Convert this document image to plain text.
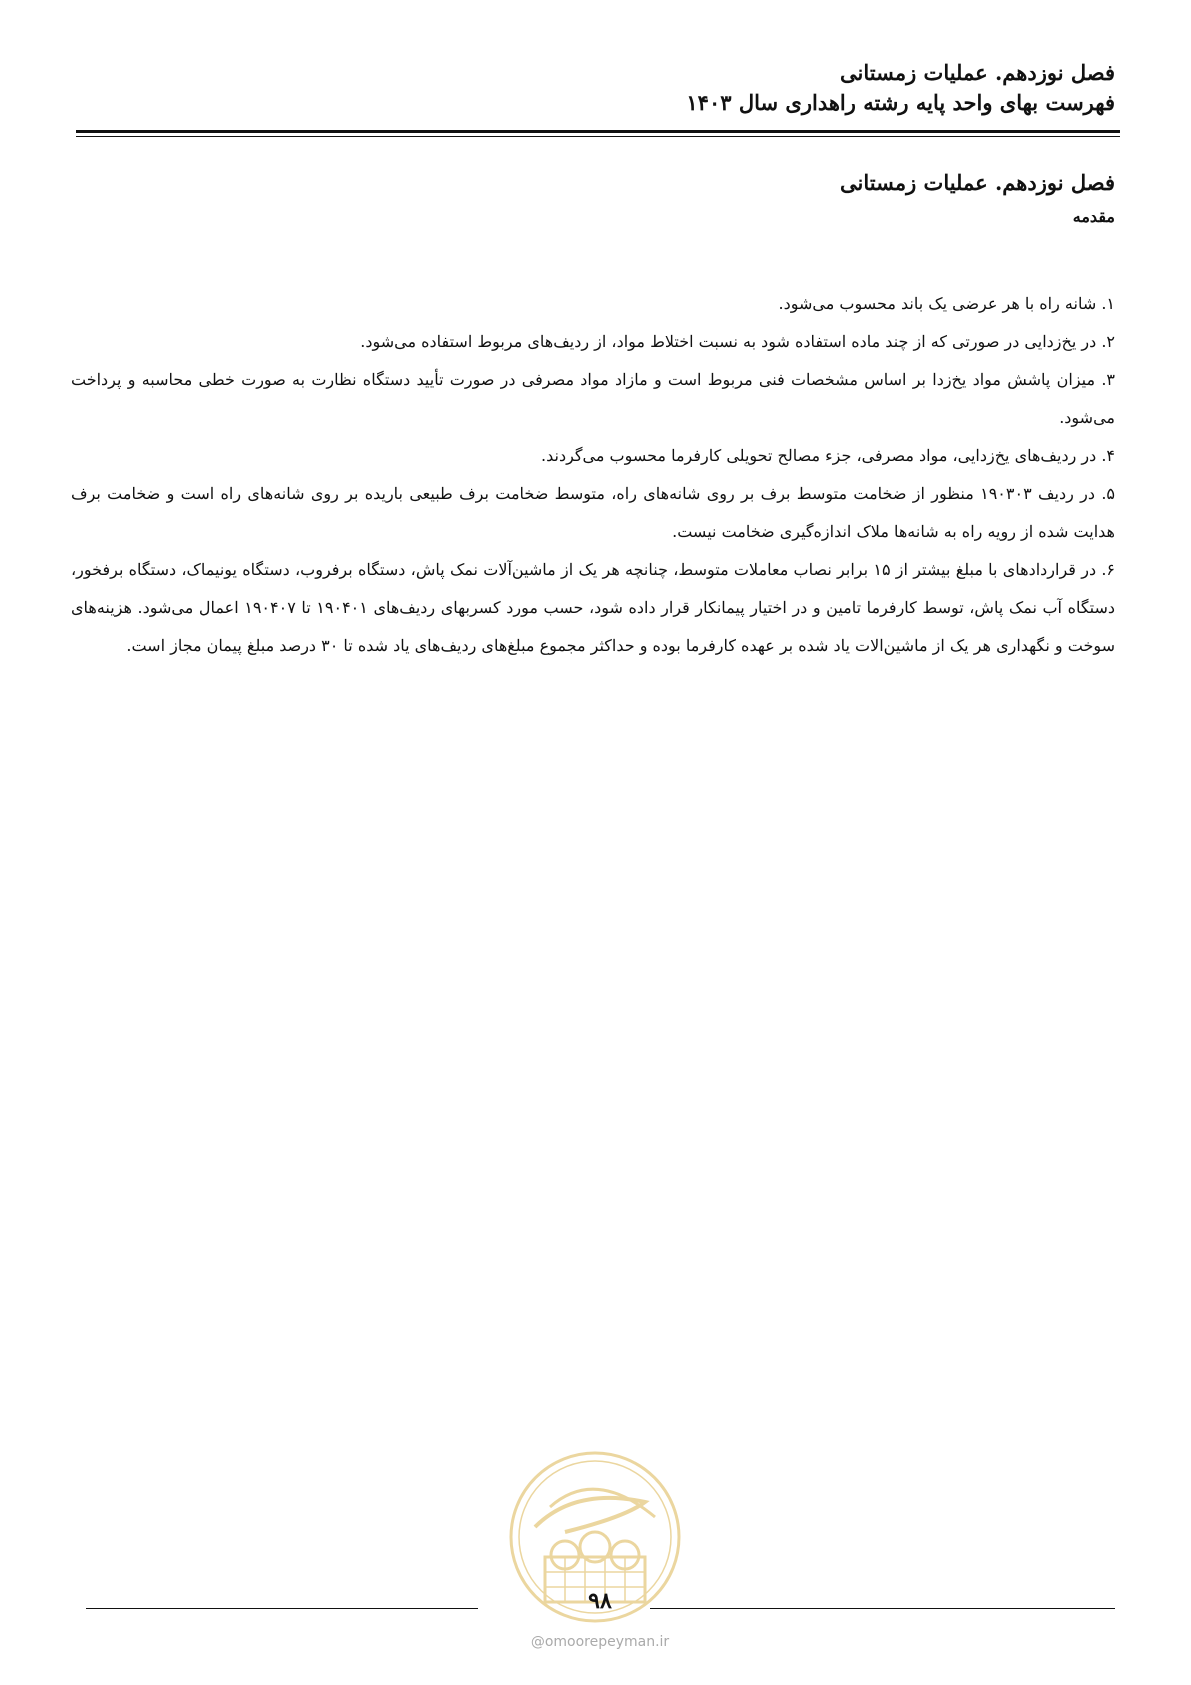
فصل نوزدهم. عملیات زمستانی
فهرست بهای واحد پایه رشته راهداری سال ۱۴۰۳
فصل نوزدهم. عملیات زمستانی
مقدمه

۱. شانه راه با هر عرضی یک باند محسوب می‌شود.

۲. در یخ‌زدایی در صورتی که از چند ماده استفاده شود به نسبت اختلاط مواد، از ردیف‌های مربوط استفاده می‌شود.

۳. میزان پاشش مواد یخ‌زدا بر اساس مشخصات فنی مربوط است و مازاد مواد مصرفی در صورت تأیید دستگاه نظارت به صورت خطی محاسبه و پرداخت می‌شود.

۴. در ردیف‌های یخ‌زدایی، مواد مصرفی، جزء مصالح تحویلی کارفرما محسوب می‌گردند.

۵. در ردیف ۱۹۰۳۰۳ منظور از ضخامت متوسط برف بر روی شانه‌های راه، متوسط ضخامت برف طبیعی باریده بر روی شانه‌های راه است و ضخامت برف هدایت شده از رویه راه به شانه‌ها ملاک اندازه‌گیری ضخامت نیست.

۶. در قراردادهای با مبلغ بیشتر از ۱۵ برابر نصاب معاملات متوسط، چنانچه هر یک از ماشین‌آلات نمک پاش، دستگاه برفروب، دستگاه یونیماک، دستگاه برفخور، دستگاه آب نمک پاش، توسط کارفرما تامین و در اختیار پیمانکار قرار داده شود، حسب مورد کسربهای ردیف‌های ۱۹۰۴۰۱ تا ۱۹۰۴۰۷ اعمال می‌شود. هزینه‌های سوخت و نگهداری هر یک از ماشین‌الات یاد شده بر عهده کارفرما بوده و حداکثر مجموع مبلغ‌های ردیف‌های یاد شده تا ۳۰ درصد مبلغ پیمان مجاز است.

۹۸
@omoorepeyman.ir
